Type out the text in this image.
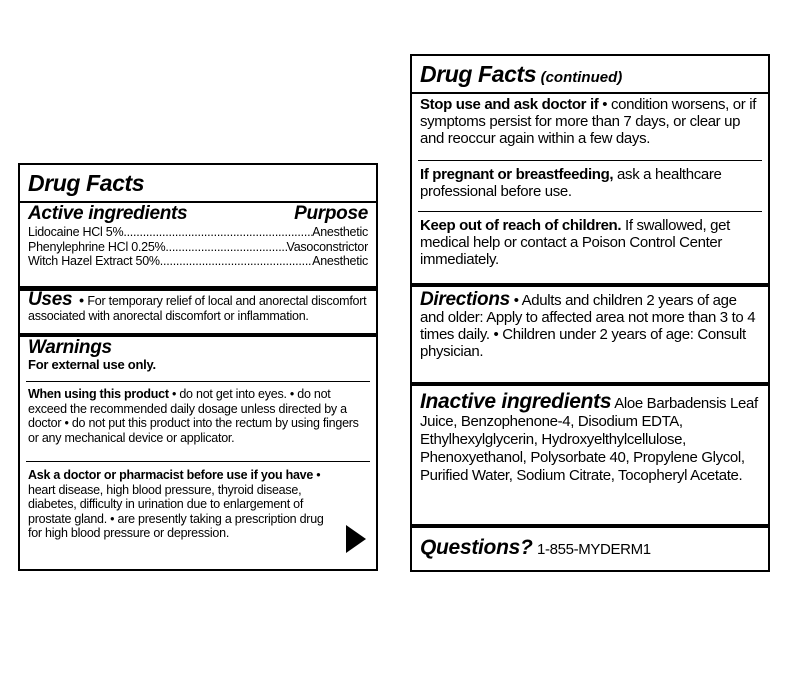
Drug Facts
Active ingredients	Purpose
Lidocaine HCl 5% .....	Anesthetic
Phenylephrine HCl 0.25% .....	Vasoconstrictor
Witch Hazel Extract 50% .....	Anesthetic
Uses  • For temporary relief of local and anorectal discomfort associated with anorectal discomfort or inflammation.
Warnings
For external use only.
When using this product • do not get into eyes. • do not exceed the recommended daily dosage unless directed by a doctor • do not put this product into the rectum by using fingers or any mechanical device or applicator.
Ask a doctor or pharmacist before use if you have • heart disease, high blood pressure, thyroid disease, diabetes, difficulty in urination due to enlargement of prostate gland. • are presently taking a prescription drug for high blood pressure or depression.
Drug Facts (continued)
Stop use and ask doctor if • condition worsens, or if symptoms persist for more than 7 days, or clear up and reoccur again within a few days.
If pregnant or breastfeeding, ask a healthcare professional before use.
Keep out of reach of children. If swallowed, get medical help or contact a Poison Control Center immediately.
Directions • Adults and children 2 years of age and older: Apply to affected area not more than 3 to 4 times daily. • Children under 2 years of age: Consult physician.
Inactive ingredients Aloe Barbadensis Leaf Juice, Benzophenone-4, Disodium EDTA, Ethylhexylglycerin, Hydroxyelthylcellulose, Phenoxyethanol, Polysorbate 40, Propylene Glycol, Purified Water, Sodium Citrate, Tocopheryl Acetate.
Questions? 1-855-MYDERM1
